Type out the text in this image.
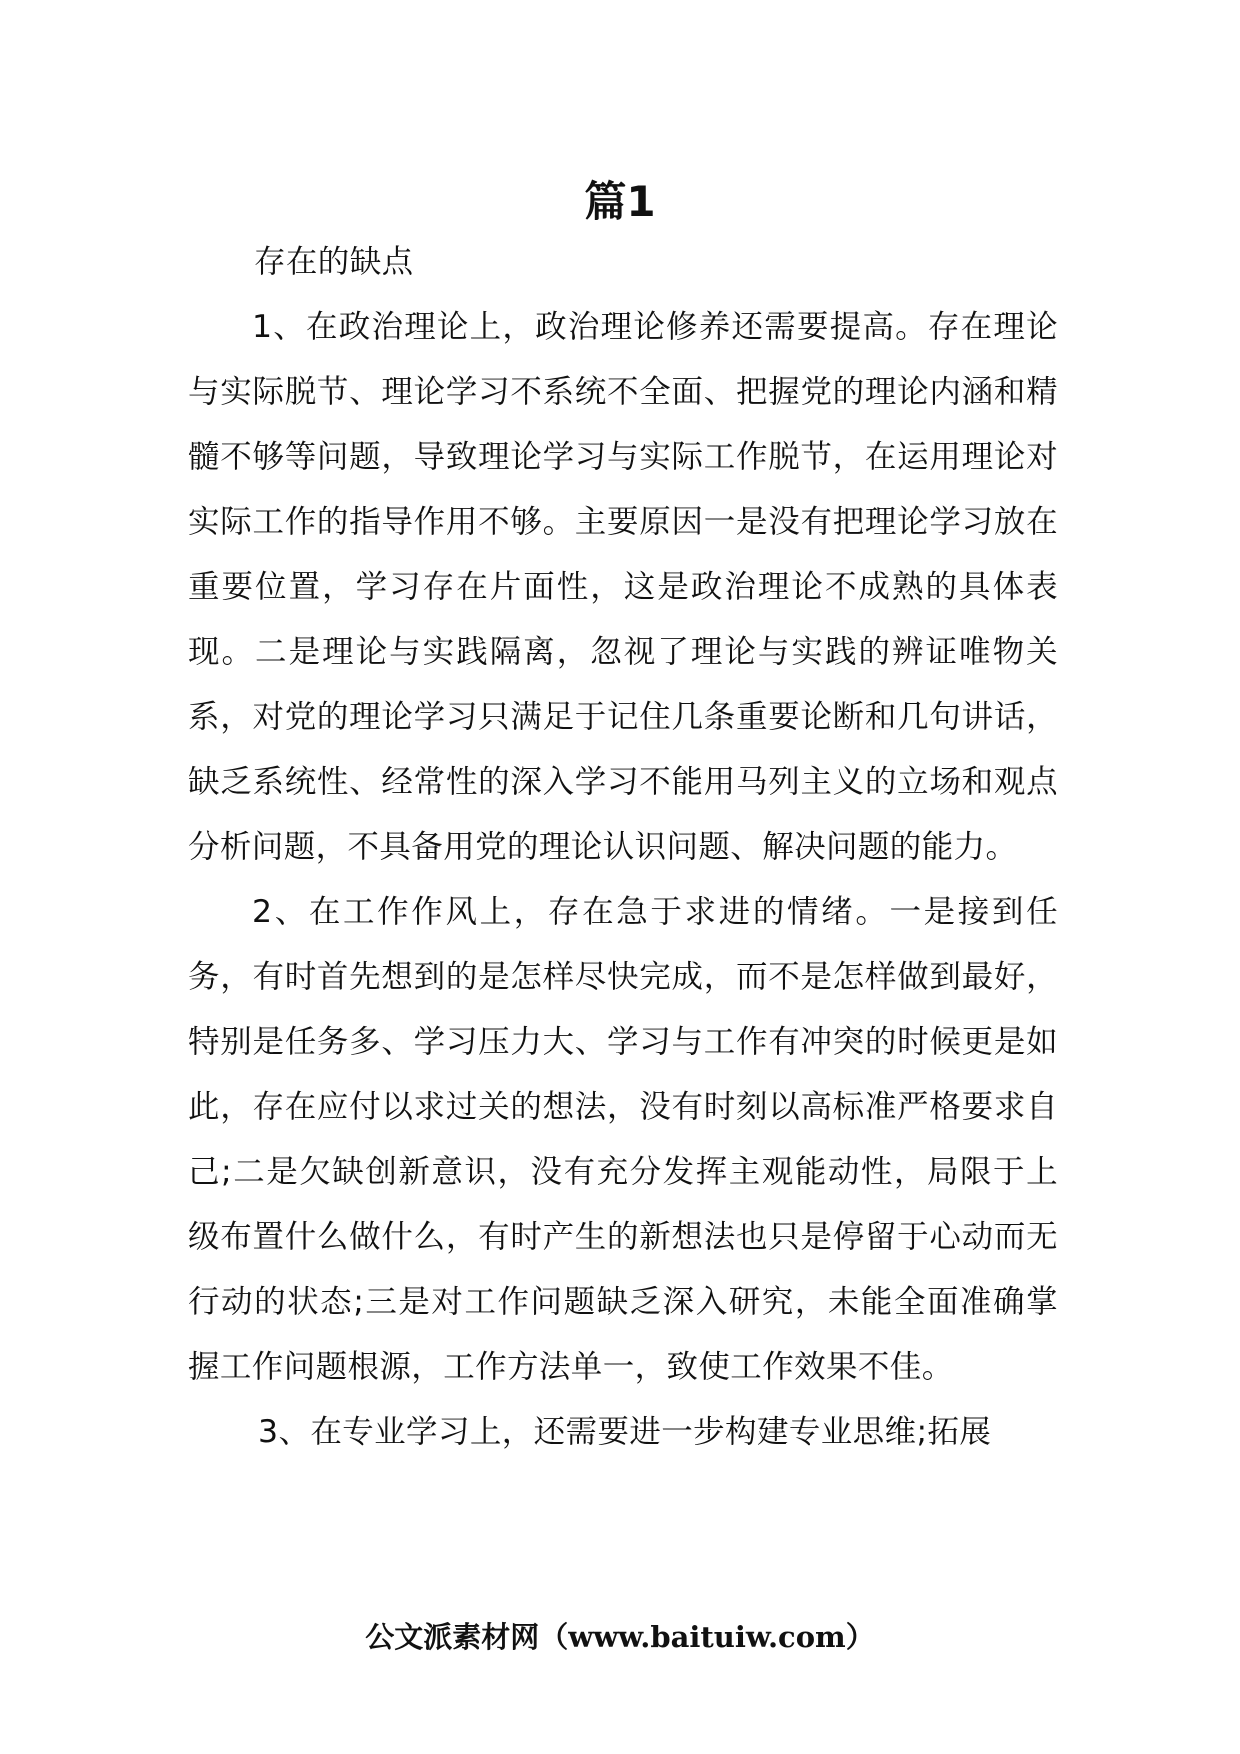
篇1

存在的缺点

1、在政治理论上，政治理论修养还需要提高。存在理论与实际脱节、理论学习不系统不全面、把握党的理论内涵和精髓不够等问题，导致理论学习与实际工作脱节，在运用理论对实际工作的指导作用不够。主要原因一是没有把理论学习放在重要位置，学习存在片面性，这是政治理论不成熟的具体表现。二是理论与实践隔离，忽视了理论与实践的辨证唯物关系，对党的理论学习只满足于记住几条重要论断和几句讲话，缺乏系统性、经常性的深入学习不能用马列主义的立场和观点分析问题，不具备用党的理论认识问题、解决问题的能力。

2、在工作作风上，存在急于求进的情绪。一是接到任务，有时首先想到的是怎样尽快完成，而不是怎样做到最好，特别是任务多、学习压力大、学习与工作有冲突的时候更是如此，存在应付以求过关的想法，没有时刻以高标准严格要求自己;二是欠缺创新意识，没有充分发挥主观能动性，局限于上级布置什么做什么，有时产生的新想法也只是停留于心动而无行动的状态;三是对工作问题缺乏深入研究，未能全面准确掌握工作问题根源，工作方法单一，致使工作效果不佳。

3、在专业学习上，还需要进一步构建专业思维;拓展

公文派素材网（www.baituiw.com）
